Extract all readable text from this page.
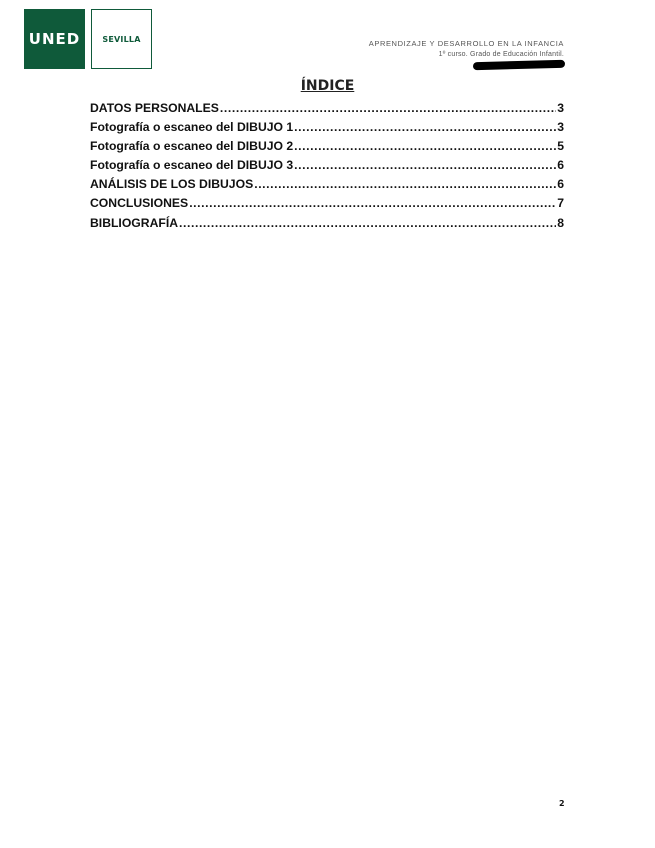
UNED	SEVILLA	APRENDIZAJE Y DESARROLLO EN LA INFANCIA
1º curso. Grado de Educación Infantil.
ÍNDICE
DATOS PERSONALES .....	3
Fotografía o escaneo del DIBUJO 1 .....	3
Fotografía o escaneo del DIBUJO 2 .....	5
Fotografía o escaneo del DIBUJO 3 .....	6
ANÁLISIS DE LOS DIBUJOS .....	6
CONCLUSIONES .....	7
BIBLIOGRAFÍA .....	8
2
